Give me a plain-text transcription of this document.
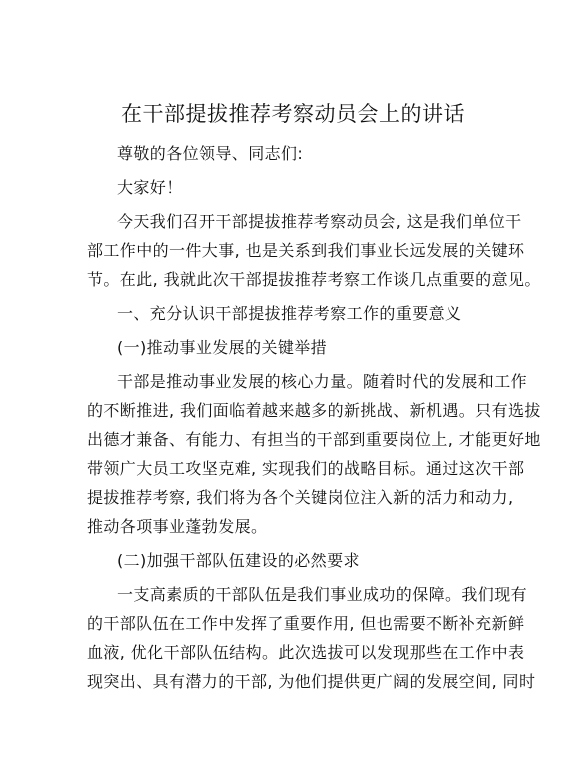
在干部提拔推荐考察动员会上的讲话

尊敬的各位领导、同志们:

大家好！

今天我们召开干部提拔推荐考察动员会, 这是我们单位干

部工作中的一件大事, 也是关系到我们事业长远发展的关键环

节。在此, 我就此次干部提拔推荐考察工作谈几点重要的意见。

一、充分认识干部提拔推荐考察工作的重要意义

(一)推动事业发展的关键举措

干部是推动事业发展的核心力量。随着时代的发展和工作

的不断推进, 我们面临着越来越多的新挑战、新机遇。只有选拔

出德才兼备、有能力、有担当的干部到重要岗位上, 才能更好地

带领广大员工攻坚克难, 实现我们的战略目标。通过这次干部

提拔推荐考察, 我们将为各个关键岗位注入新的活力和动力,

推动各项事业蓬勃发展。

(二)加强干部队伍建设的必然要求

一支高素质的干部队伍是我们事业成功的保障。我们现有

的干部队伍在工作中发挥了重要作用, 但也需要不断补充新鲜

血液, 优化干部队伍结构。此次选拔可以发现那些在工作中表

现突出、具有潜力的干部, 为他们提供更广阔的发展空间, 同时
